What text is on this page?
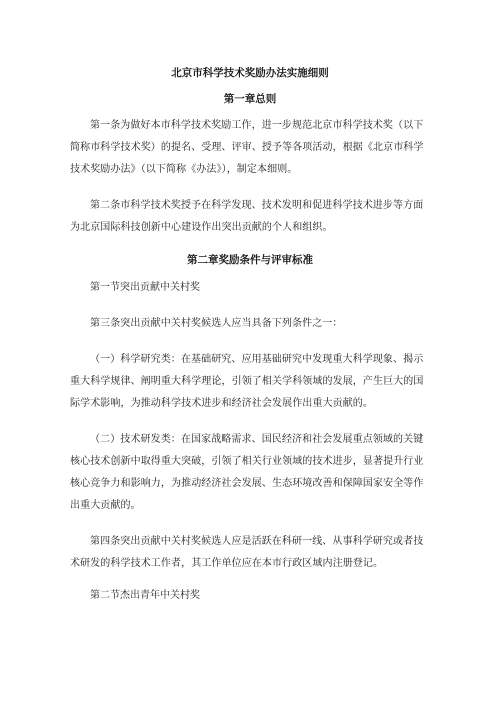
北京市科学技术奖励办法实施细则

第一章总则

第一条为做好本市科学技术奖励工作，进一步规范北京市科学技术奖（以下简称市科学技术奖）的提名、受理、评审、授予等各项活动，根据《北京市科学技术奖励办法》（以下简称《办法》），制定本细则。

第二条市科学技术奖授予在科学发现、技术发明和促进科学技术进步等方面为北京国际科技创新中心建设作出突出贡献的个人和组织。

第二章奖励条件与评审标准

第一节突出贡献中关村奖

第三条突出贡献中关村奖候选人应当具备下列条件之一：

（一）科学研究类：在基础研究、应用基础研究中发现重大科学现象、揭示重大科学规律、阐明重大科学理论，引领了相关学科领域的发展，产生巨大的国际学术影响，为推动科学技术进步和经济社会发展作出重大贡献的。

（二）技术研发类：在国家战略需求、国民经济和社会发展重点领域的关键核心技术创新中取得重大突破，引领了相关行业领域的技术进步，显著提升行业核心竞争力和影响力，为推动经济社会发展、生态环境改善和保障国家安全等作出重大贡献的。

第四条突出贡献中关村奖候选人应是活跃在科研一线、从事科学研究或者技术研发的科学技术工作者，其工作单位应在本市行政区域内注册登记。

第二节杰出青年中关村奖
